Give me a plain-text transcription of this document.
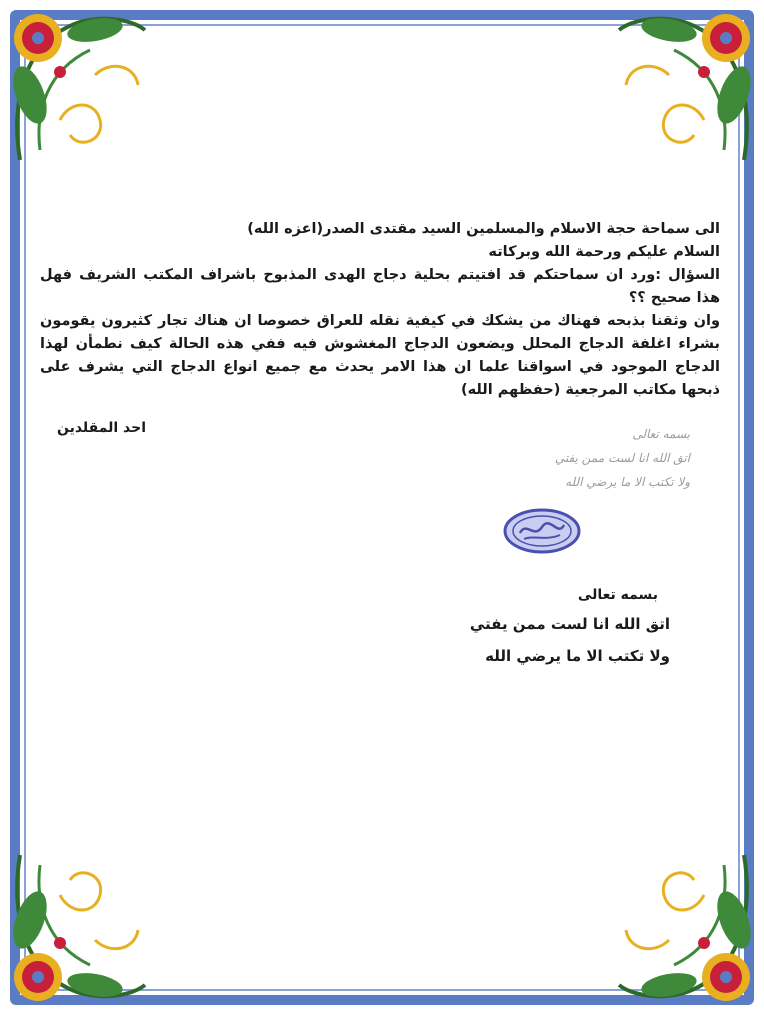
الى سماحة حجة الاسلام والمسلمين السيد مقتدى الصدر(اعزه الله)

السلام عليكم ورحمة الله وبركاته

السؤال :ورد ان سماحتكم قد افتيتم بحلية دجاج الهدى المذبوح باشراف المكتب الشريف فهل هذا صحيح ؟؟

وان وثقنا بذبحه فهناك من يشكك في كيفية نقله للعراق خصوصا ان هناك تجار كثيرون يقومون بشراء اغلفة الدجاج المحلل ويضعون الدجاج المغشوش فيه ففي هذه الحالة كيف نطمأن لهذا الدجاج الموجود في اسواقنا علما ان هذا الامر يحدث مع جميع انواع الدجاج التي يشرف على ذبحها مكاتب المرجعية (حفظهم الله)

احد المقلدين	بسمه تعالى

اتق الله انا لست ممن يفتي

ولا تكتب الا ما يرضي الله

بسمه تعالى

اتق الله انا لست ممن يفتي

ولا تكتب الا ما يرضي الله
